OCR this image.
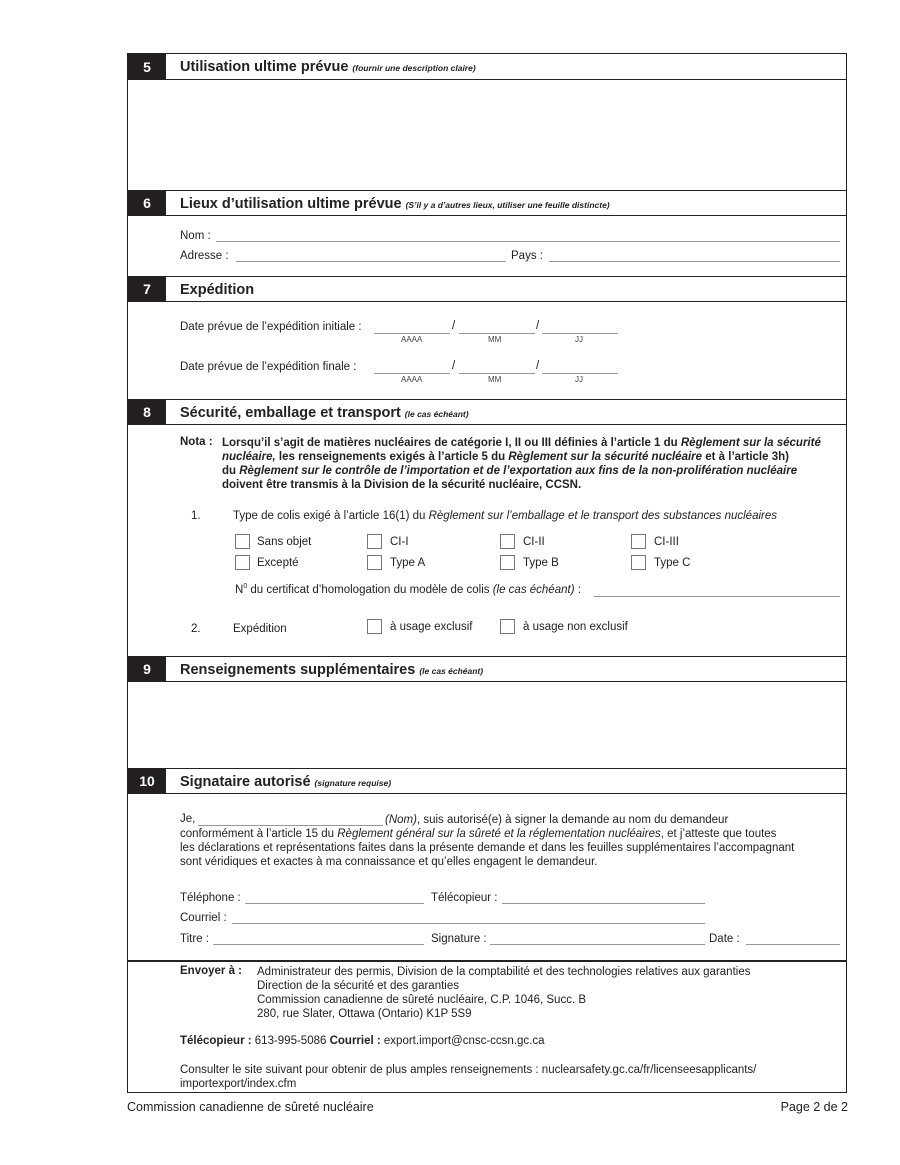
5	Utilisation ultime prévue (fournir une description claire)
6	Lieux d’utilisation ultime prévue (S’il y a d’autres lieux, utiliser une feuille distincte)
Nom :
Adresse :	Pays :
7	Expédition
Date prévue de l’expédition initiale :	/	/
AAAA	MM	JJ
Date prévue de l’expédition finale :	/	/
AAAA	MM	JJ
8	Sécurité, emballage et transport (le cas échéant)
Nota : Lorsqu’il s’agit de matières nucléaires de catégorie I, II ou III définies à l’article 1 du Règlement sur la sécurité
nucléaire, les renseignements exigés à l’article 5 du Règlement sur la sécurité nucléaire et à l’article 3h)
du Règlement sur le contrôle de l’importation et de l’exportation aux fins de la non-prolifération nucléaire
doivent être transmis à la Division de la sécurité nucléaire, CCSN.
1.	Type de colis exigé à l’article 16(1) du Règlement sur l’emballage et le transport des substances nucléaires
Sans objet	CI-I	CI-II	CI-III
Excepté	Type A	Type B	Type C
$N^0$ du certificat d’homologation du modèle de colis (le cas échéant) :
2.	Expédition	à usage exclusif	à usage non exclusif
9	Renseignements supplémentaires (le cas échéant)
10	Signataire autorisé (signature requise)
Je,	(Nom), suis autorisé(e) à signer la demande au nom du demandeur
conformément à l’article 15 du Règlement général sur la sûreté et la réglementation nucléaires, et j’atteste que toutes
les déclarations et représentations faites dans la présente demande et dans les feuilles supplémentaires l’accompagnant
sont véridiques et exactes à ma connaissance et qu’elles engagent le demandeur.
Téléphone :	Télécopieur :
Courriel :
Titre :	Signature :	Date :
Envoyer à : Administrateur des permis, Division de la comptabilité et des technologies relatives aux garanties
Direction de la sécurité et des garanties
Commission canadienne de sûreté nucléaire, C.P. 1046, Succ. B
280, rue Slater, Ottawa (Ontario) K1P 5S9
Télécopieur : 613-995-5086 Courriel : export.import@cnsc-ccsn.gc.ca
Consulter le site suivant pour obtenir de plus amples renseignements : nuclearsafety.gc.ca/fr/licenseesapplicants/
importexport/index.cfm
Commission canadienne de sûreté nucléaire	Page 2 de 2
